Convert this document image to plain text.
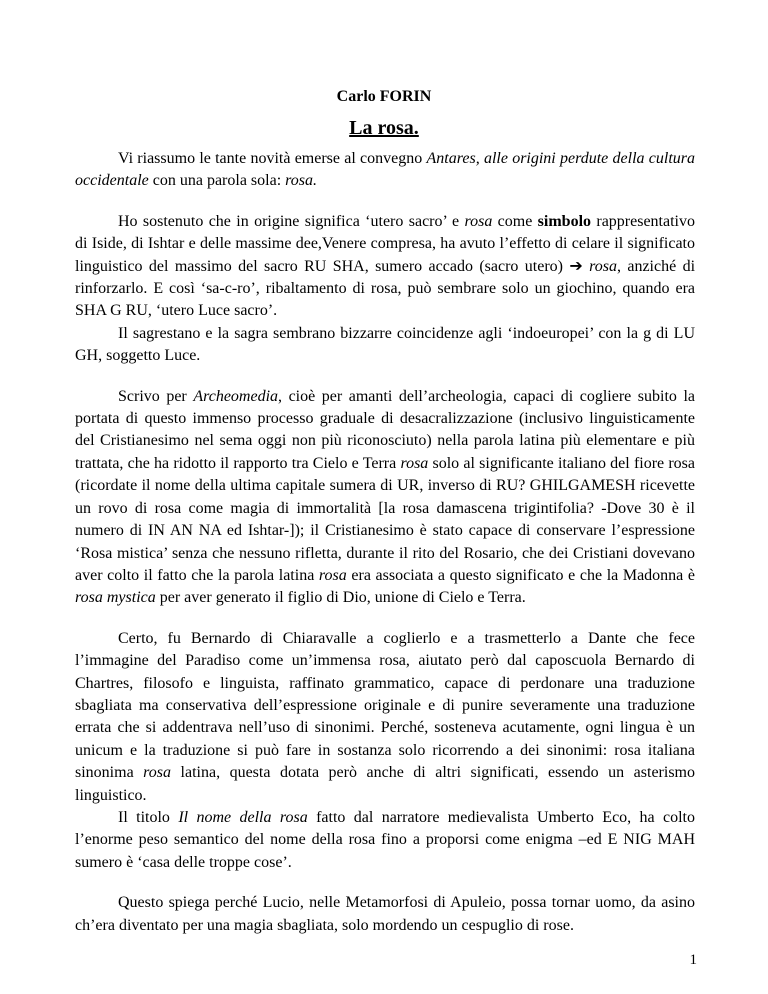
Carlo FORIN
La rosa.

Vi riassumo le tante novità emerse al convegno Antares, alle origini perdute della cultura occidentale con una parola sola: rosa.

Ho sostenuto che in origine significa ‘utero sacro’ e rosa come simbolo rappresentativo di Iside, di Ishtar e delle massime dee,Venere compresa, ha avuto l’effetto di celare il significato linguistico del massimo del sacro RU SHA, sumero accado (sacro utero) ➔ rosa, anziché di rinforzarlo. E così ‘sa-c-ro’, ribaltamento di rosa, può sembrare solo un giochino, quando era SHA G RU, ‘utero Luce sacro’.

Il sagrestano e la sagra sembrano bizzarre coincidenze agli ‘indoeuropei’ con la g di LU GH, soggetto Luce.

Scrivo per Archeomedia, cioè per amanti dell’archeologia, capaci di cogliere subito la portata di questo immenso processo graduale di desacralizzazione (inclusivo linguisticamente del Cristianesimo nel sema oggi non più riconosciuto) nella parola latina più elementare e più trattata, che ha ridotto il rapporto tra Cielo e Terra rosa solo al significante italiano del fiore rosa (ricordate il nome della ultima capitale sumera di UR, inverso di RU? GHILGAMESH ricevette un rovo di rosa come magia di immortalità [la rosa damascena trigintifolia? -Dove 30 è il numero di IN AN NA ed Ishtar-]); il Cristianesimo è stato capace di conservare l’espressione ‘Rosa mistica’ senza che nessuno rifletta, durante il rito del Rosario, che dei Cristiani dovevano aver colto il fatto che la parola latina rosa era associata a questo significato e che la Madonna è rosa mystica per aver generato il figlio di Dio, unione di Cielo e Terra.

Certo, fu Bernardo di Chiaravalle a coglierlo e a trasmetterlo a Dante che fece l’immagine del Paradiso come un’immensa rosa, aiutato però dal caposcuola Bernardo di Chartres, filosofo e linguista, raffinato grammatico, capace di perdonare una traduzione sbagliata ma conservativa dell’espressione originale e di punire severamente una traduzione errata che si addentrava nell’uso di sinonimi. Perché, sosteneva acutamente, ogni lingua è un unicum e la traduzione si può fare in sostanza solo ricorrendo a dei sinonimi: rosa italiana sinonima rosa latina, questa dotata però anche di altri significati, essendo un asterismo linguistico.

Il titolo Il nome della rosa fatto dal narratore medievalista Umberto Eco, ha colto l’enorme peso semantico del nome della rosa fino a proporsi come enigma –ed E NIG MAH sumero è ‘casa delle troppe cose’.

Questo spiega perché Lucio, nelle Metamorfosi di Apuleio, possa tornar uomo, da asino ch’era diventato per una magia sbagliata, solo mordendo un cespuglio di rose.

1
